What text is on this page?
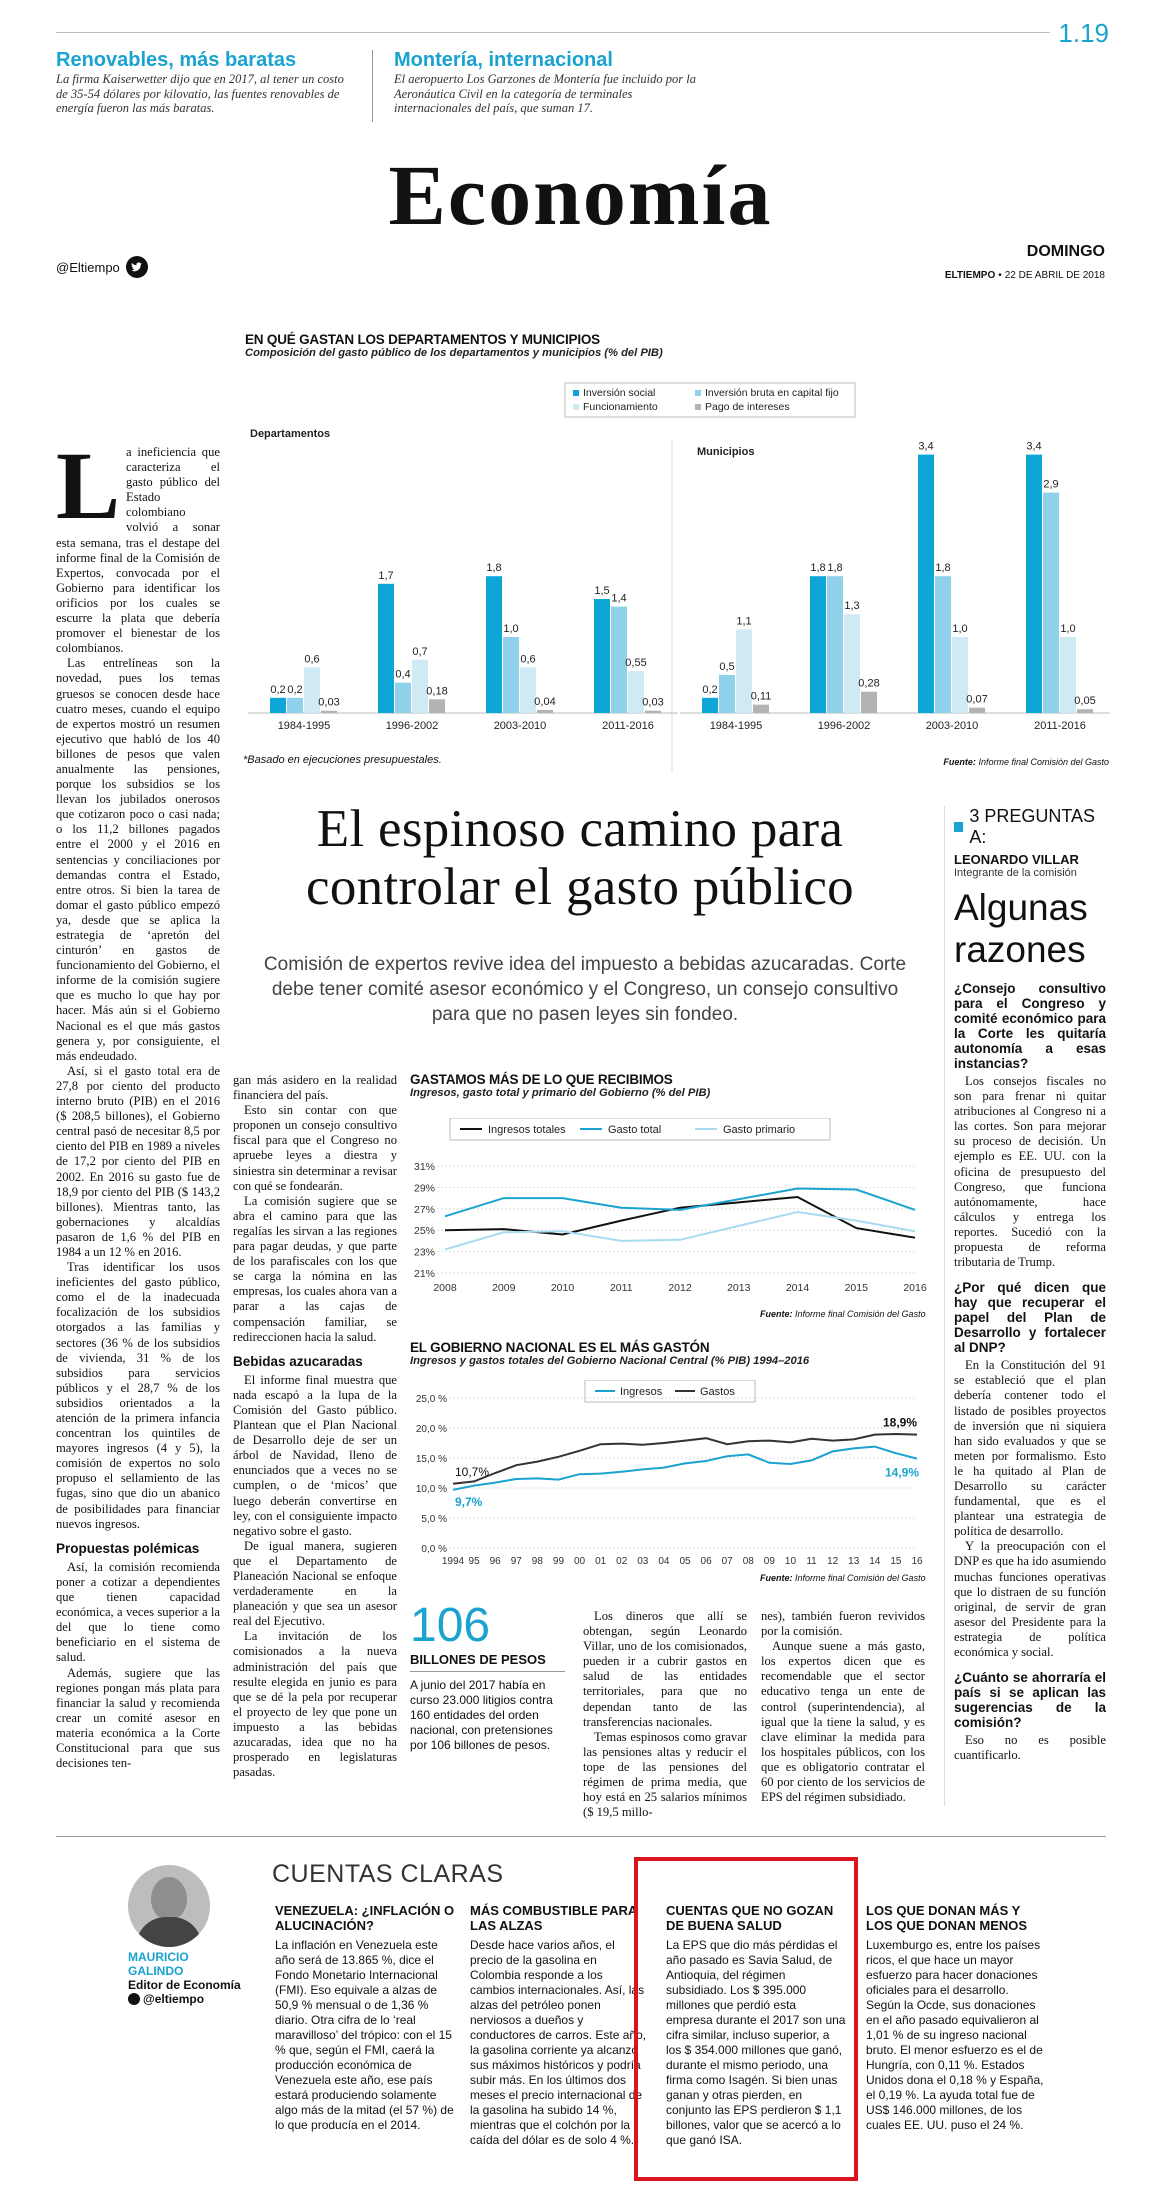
1.19
Renovables, más baratas
La firma Kaiserwetter dijo que en 2017, al tener un costo de 35-54 dólares por kilovatio, las fuentes renovables de energía fueron las más baratas.
Montería, internacional
El aeropuerto Los Garzones de Montería fue incluido por la Aeronáutica Civil en la categoría de terminales internacionales del país, que suman 17.
Economía
@Eltiempo
DOMINGO
ELTIEMPO • 22 DE ABRIL DE 2018
EN QUÉ GASTAN LOS DEPARTAMENTOS Y MUNICIPIOS
Composición del gasto público de los departamentos y municipios (% del PIB)
Inversión social	Inversión bruta en capital fijo
Funcionamiento	Pago de intereses
Departamentos
0,2 0,2
0,6
0,03
1984-1995
1,7
0,4
0,7
0,18
1996-2002
1,8
1,0
0,6
0,04
2003-2010
1,5
1,4
0,55
0,03
2011-2016
Municipios
0,2
0,5
1,1
0,11
1984-1995
1,8 1,8
1,3
0,28
1996-2002
3,4
1,8
1,0
0,07
2003-2010
3,4
2,9
1,0
0,05
2011-2016
*Basado en ejecuciones presupuestales.	Fuente: Informe final Comisión del Gasto
El espinoso camino para controlar el gasto público
Comisión de expertos revive idea del impuesto a bebidas azucaradas. Corte debe tener comité asesor económico y el Congreso, un consejo consultivo para que no pasen leyes sin fondeo.
L a ineficiencia que caracteriza el gasto público del Estado colombiano volvió a sonar esta semana, tras el destape del informe final de la Comisión de Expertos, convocada por el Gobierno para identificar los orificios por los cuales se escurre la plata que debería promover el bienestar de los colombianos.

Las entrelíneas son la novedad, pues los temas gruesos se conocen desde hace cuatro meses, cuando el equipo de expertos mostró un resumen ejecutivo que habló de los 40 billones de pesos que valen anualmente las pensiones, porque los subsidios se los llevan los jubilados onerosos que cotizaron poco o casi nada; o los 11,2 billones pagados entre el 2000 y el 2016 en sentencias y conciliaciones por demandas contra el Estado, entre otros. Si bien la tarea de domar el gasto público empezó ya, desde que se aplica la estrategia de ‘apretón del cinturón’ en gastos de funcionamiento del Gobierno, el informe de la comisión sugiere que es mucho lo que hay por hacer. Más aún si el Gobierno Nacional es el que más gastos genera y, por consiguiente, el más endeudado.

Así, si el gasto total era de 27,8 por ciento del producto interno bruto (PIB) en el 2016 ($ 208,5 billones), el Gobierno central pasó de necesitar 8,5 por ciento del PIB en 1989 a niveles de 17,2 por ciento del PIB en 2002. En 2016 su gasto fue de 18,9 por ciento del PIB ($ 143,2 billones). Mientras tanto, las gobernaciones y alcaldías pasaron de 1,6 % del PIB en 1984 a un 12 % en 2016.

Tras identificar los usos ineficientes del gasto público, como el de la inadecuada focalización de los subsidios otorgados a las familias y sectores (36 % de los subsidios de vivienda, 31 % de los subsidios para servicios públicos y el 28,7 % de los subsidios orientados a la atención de la primera infancia concentran los quintiles de mayores ingresos (4 y 5), la comisión de expertos no solo propuso el sellamiento de las fugas, sino que dio un abanico de posibilidades para financiar nuevos ingresos.

Propuestas polémicas

Así, la comisión recomienda poner a cotizar a dependientes que tienen capacidad económica, a veces superior a la del que lo tiene como beneficiario en el sistema de salud.

Además, sugiere que las regiones pongan más plata para financiar la salud y recomienda crear un comité asesor en materia económica a la Corte Constitucional para que sus decisiones ten-

gan más asidero en la realidad financiera del país.

Esto sin contar con que proponen un consejo consultivo fiscal para que el Congreso no apruebe leyes a diestra y siniestra sin determinar a revisar con qué se fondearán.

La comisión sugiere que se abra el camino para que las regalías les sirvan a las regiones para pagar deudas, y que parte de los parafiscales con los que se carga la nómina en las empresas, los cuales ahora van a parar a las cajas de compensación familiar, se redireccionen hacia la salud.

Bebidas azucaradas

El informe final muestra que nada escapó a la lupa de la Comisión del Gasto público. Plantean que el Plan Nacional de Desarrollo deje de ser un árbol de Navidad, lleno de enunciados que a veces no se cumplen, o de ‘micos’ que luego deberán convertirse en ley, con el consiguiente impacto negativo sobre el gasto.

De igual manera, sugieren que el Departamento de Planeación Nacional se enfoque verdaderamente en la planeación y que sea un asesor real del Ejecutivo.

La invitación de los comisionados a la nueva administración del país que resulte elegida en junio es para que se dé la pela por recuperar el proyecto de ley que pone un impuesto a las bebidas azucaradas, idea que no ha prosperado en legislaturas pasadas.

GASTAMOS MÁS DE LO QUE RECIBIMOS
Ingresos, gasto total y primario del Gobierno (% del PIB)
Ingresos totales	Gasto total	Gasto primario
31%
29%
27%
25%
23%
21%
2008	2009	2010	2011	2012	2013	2014	2015	2016
Fuente: Informe final Comisión del Gasto
EL GOBIERNO NACIONAL ES EL MÁS GASTÓN
Ingresos y gastos totales del Gobierno Nacional Central (% PIB) 1994–2016
Ingresos	Gastos
25,0 %
20,0 %
15,0 %
10,0 %
5,0 %
0,0 %
1994 95 96 97 98 99 00 01 02 03 04 05 06 07 08 09 10 11 12 13 14 15 16
10,7%
9,7%
18,9%
14,9%
Fuente: Informe final Comisión del Gasto
106
BILLONES DE PESOS
A junio del 2017 había en curso 23.000 litigios contra 160 entidades del orden nacional, con pretensiones por 106 billones de pesos.

Los dineros que allí se obtengan, según Leonardo Villar, uno de los comisionados, pueden ir a cubrir gastos en salud de las entidades territoriales, para que no dependan tanto de las transferencias nacionales.

Temas espinosos como gravar las pensiones altas y reducir el tope de las pensiones del régimen de prima media, que hoy está en 25 salarios mínimos ($ 19,5 millo-

nes), también fueron revividos por la comisión.

Aunque suene a más gasto, los expertos dicen que es recomendable que el sector educativo tenga un ente de control (superintendencia), al igual que la tiene la salud, y es clave eliminar la medida para los hospitales públicos, con los que es obligatorio contratar el 60 por ciento de los servicios de EPS del régimen subsidiado.

3 PREGUNTAS A:
LEONARDO VILLAR
Integrante de la comisión
Algunas razones
¿Consejo consultivo para el Congreso y comité económico para la Corte les quitaría autonomía a esas instancias?

Los consejos fiscales no son para frenar ni quitar atribuciones al Congreso ni a las cortes. Son para mejorar su proceso de decisión. Un ejemplo es EE. UU. con la oficina de presupuesto del Congreso, que funciona autónomamente, hace cálculos y entrega los reportes. Sucedió con la propuesta de reforma tributaria de Trump.

¿Por qué dicen que hay que recuperar el papel del Plan de Desarrollo y fortalecer al DNP?

En la Constitución del 91 se estableció que el plan debería contener todo el listado de posibles proyectos de inversión que ni siquiera han sido evaluados y que se meten por formalismo. Esto le ha quitado al Plan de Desarrollo su carácter fundamental, que es el plantear una estrategia de política de desarrollo.

Y la preocupación con el DNP es que ha ido asumiendo muchas funciones operativas que lo distraen de su función original, de servir de gran asesor del Presidente para la estrategia de política económica y social.

¿Cuánto se ahorraría el país si se aplican las sugerencias de la comisión?

Eso no es posible cuantificarlo.

CUENTAS CLARAS
MAURICIO
GALINDO
Editor de Economía
@eltiempo
VENEZUELA: ¿INFLACIÓN O ALUCINACIÓN?
La inflación en Venezuela este año será de 13.865 %, dice el Fondo Monetario Internacional (FMI). Eso equivale a alzas de 50,9 % mensual o de 1,36 % diario. Otra cifra de lo ‘real maravilloso’ del trópico: con el 15 % que, según el FMI, caerá la producción económica de Venezuela este año, ese país estará produciendo solamente algo más de la mitad (el 57 %) de lo que producía en el 2014.
MÁS COMBUSTIBLE PARA LAS ALZAS
Desde hace varios años, el precio de la gasolina en Colombia responde a los cambios internacionales. Así, las alzas del petróleo ponen nerviosos a dueños y conductores de carros. Este año, la gasolina corriente ya alcanzó sus máximos históricos y podría subir más. En los últimos dos meses el precio internacional de la gasolina ha subido 14 %, mientras que el colchón por la caída del dólar es de solo 4 %.
CUENTAS QUE NO GOZAN DE BUENA SALUD
La EPS que dio más pérdidas el año pasado es Savia Salud, de Antioquia, del régimen subsidiado. Los $ 395.000 millones que perdió esta empresa durante el 2017 son una cifra similar, incluso superior, a los $ 354.000 millones que ganó, durante el mismo periodo, una firma como Isagén. Si bien unas ganan y otras pierden, en conjunto las EPS perdieron $ 1,1 billones, valor que se acercó a lo que ganó ISA.
LOS QUE DONAN MÁS Y LOS QUE DONAN MENOS
Luxemburgo es, entre los países ricos, el que hace un mayor esfuerzo para hacer donaciones oficiales para el desarrollo. Según la Ocde, sus donaciones en el año pasado equivalieron al 1,01 % de su ingreso nacional bruto. El menor esfuerzo es el de Hungría, con 0,11 %. Estados Unidos dona el 0,18 % y España, el 0,19 %. La ayuda total fue de US$ 146.000 millones, de los cuales EE. UU. puso el 24 %.
